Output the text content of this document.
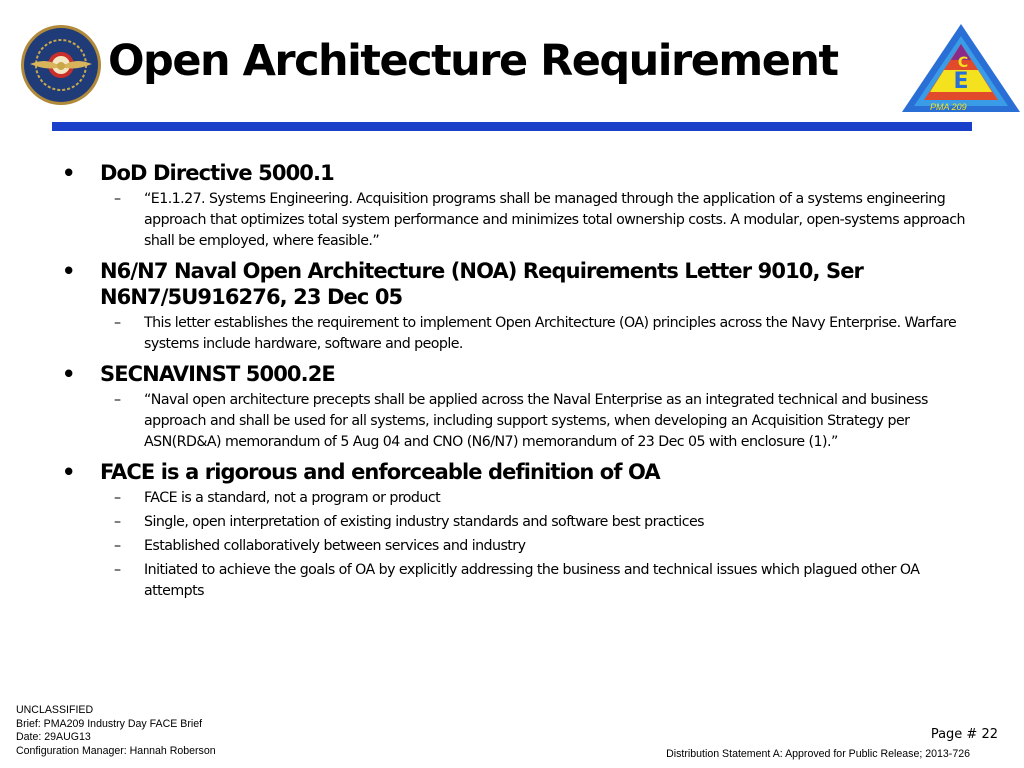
Open Architecture Requirement	E
C
PMA 209
• DoD Directive 5000.1
– “E1.1.27. Systems Engineering. Acquisition programs shall be managed through the application of a systems engineering approach that optimizes total system performance and minimizes total ownership costs. A modular, open-systems approach shall be employed, where feasible.”
• N6/N7 Naval Open Architecture (NOA) Requirements Letter 9010, Ser N6N7/5U916276, 23 Dec 05
– This letter establishes the requirement to implement Open Architecture (OA) principles across the Navy Enterprise. Warfare systems include hardware, software and people.
• SECNAVINST 5000.2E
– “Naval open architecture precepts shall be applied across the Naval Enterprise as an integrated technical and business approach and shall be used for all systems, including support systems, when developing an Acquisition Strategy per ASN(RD&A) memorandum of 5 Aug 04 and CNO (N6/N7) memorandum of 23 Dec 05 with enclosure (1).”
• FACE is a rigorous and enforceable definition of OA
– FACE is a standard, not a program or product
– Single, open interpretation of existing industry standards and software best practices
– Established collaboratively between services and industry
– Initiated to achieve the goals of OA by explicitly addressing the business and technical issues which plagued other OA attempts
UNCLASSIFIED
Brief: PMA209 Industry Day FACE Brief
Date: 29AUG13
Configuration Manager: Hannah Roberson
Page # 22
Distribution Statement A: Approved for Public Release; 2013-726
